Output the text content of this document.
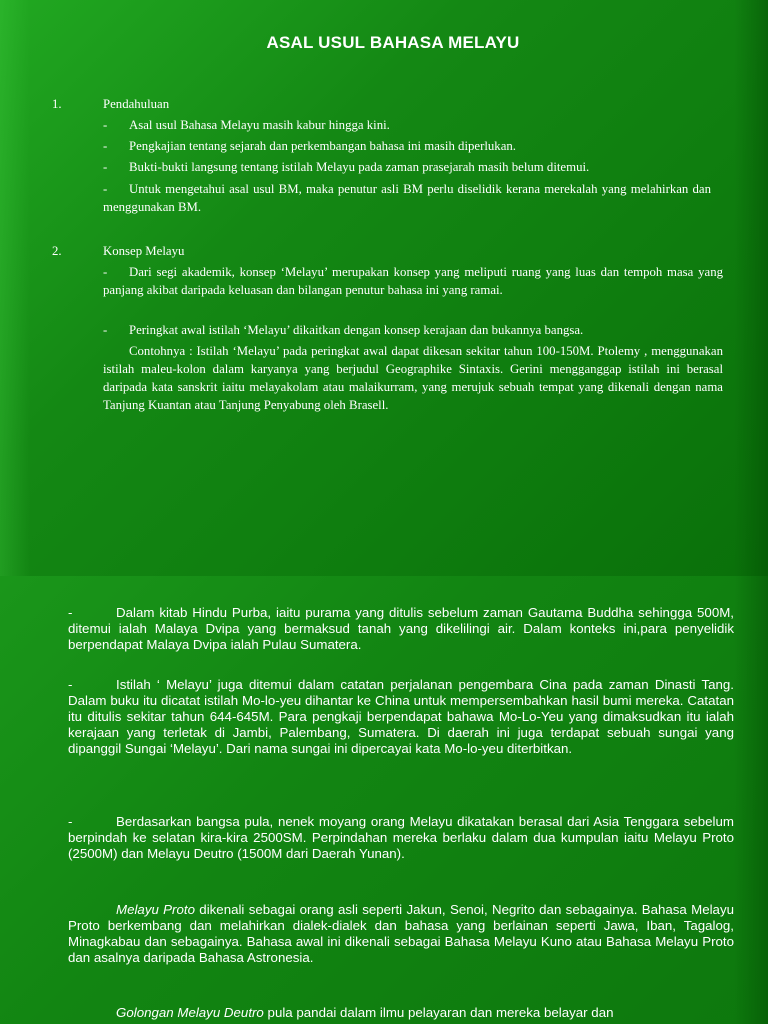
ASAL USUL BAHASA MELAYU
1.	Pendahuluan
- Asal usul Bahasa Melayu masih kabur hingga kini.
- Pengkajian tentang sejarah dan perkembangan bahasa ini masih diperlukan.
- Bukti-bukti langsung tentang istilah Melayu pada zaman prasejarah masih belum ditemui.
- Untuk mengetahui asal usul BM, maka penutur asli BM perlu diselidik kerana merekalah yang melahirkan dan menggunakan BM.
2.	Konsep Melayu
- Dari segi akademik, konsep ‘Melayu’ merupakan konsep yang meliputi ruang yang luas dan tempoh masa yang panjang akibat daripada keluasan dan bilangan penutur bahasa ini yang ramai.
- Peringkat awal istilah ‘Melayu’ dikaitkan dengan konsep kerajaan dan bukannya bangsa.
Contohnya : Istilah ‘Melayu’ pada peringkat awal dapat dikesan sekitar tahun 100-150M. Ptolemy , menggunakan istilah maleu-kolon dalam karyanya yang berjudul Geographike Sintaxis. Gerini mengganggap istilah ini berasal daripada kata sanskrit iaitu melayakolam atau malaikurram, yang merujuk sebuah tempat yang dikenali dengan nama Tanjung Kuantan atau Tanjung Penyabung oleh Brasell.
-	Dalam kitab Hindu Purba, iaitu purama yang ditulis sebelum zaman Gautama Buddha sehingga 500M, ditemui ialah Malaya Dvipa yang bermaksud tanah yang dikelilingi air. Dalam konteks ini,para penyelidik berpendapat Malaya Dvipa ialah Pulau Sumatera.
-	Istilah ‘ Melayu’ juga ditemui dalam catatan perjalanan pengembara Cina pada zaman Dinasti Tang. Dalam buku itu dicatat istilah Mo-lo-yeu dihantar ke China untuk mempersembahkan hasil bumi mereka. Catatan itu ditulis sekitar tahun 644-645M. Para pengkaji berpendapat bahawa Mo-Lo-Yeu yang dimaksudkan itu ialah kerajaan yang terletak di Jambi, Palembang, Sumatera. Di daerah ini juga terdapat sebuah sungai yang dipanggil Sungai ‘Melayu’. Dari nama sungai ini dipercayai kata Mo-lo-yeu diterbitkan.
-	Berdasarkan bangsa pula, nenek moyang orang Melayu dikatakan berasal dari Asia Tenggara sebelum berpindah ke selatan kira-kira 2500SM. Perpindahan mereka berlaku dalam dua kumpulan iaitu Melayu Proto (2500M) dan Melayu Deutro (1500M dari Daerah Yunan).
Melayu Proto dikenali sebagai orang asli seperti Jakun, Senoi, Negrito dan sebagainya. Bahasa Melayu Proto berkembang dan melahirkan dialek-dialek dan bahasa yang berlainan seperti Jawa, Iban, Tagalog, Minagkabau dan sebagainya. Bahasa awal ini dikenali sebagai Bahasa Melayu Kuno atau Bahasa Melayu Proto dan asalnya daripada Bahasa Astronesia.
Golongan Melayu Deutro pula pandai dalam ilmu pelayaran dan mereka belayar dan
